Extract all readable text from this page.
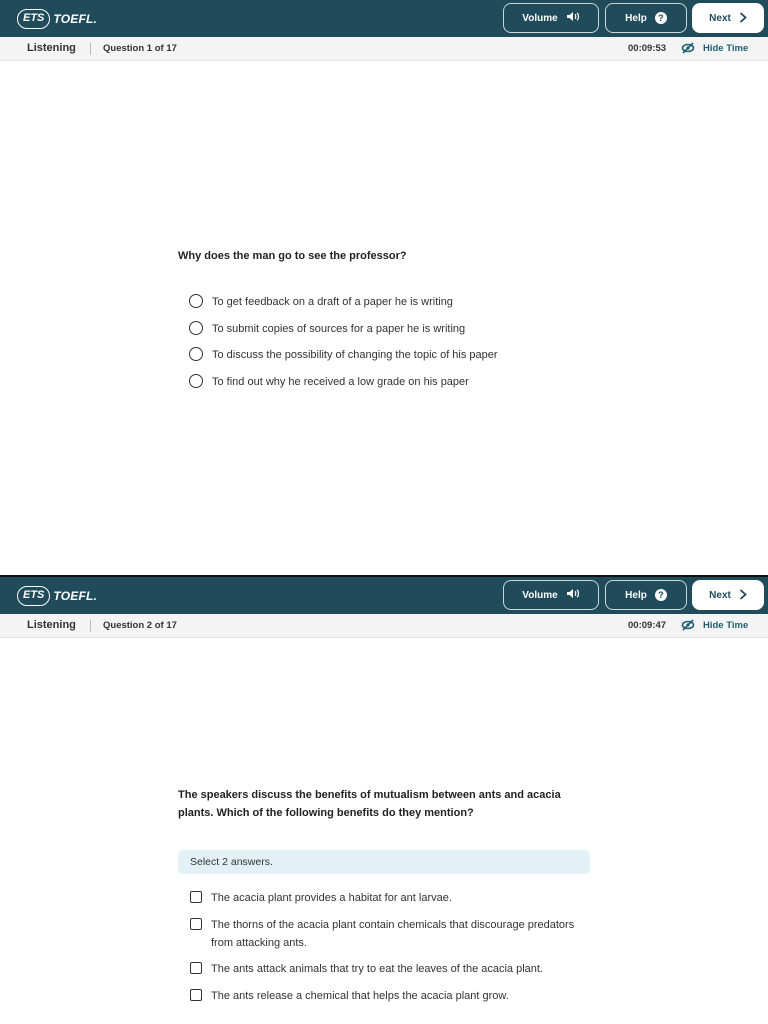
ETS TOEFL.	Volume	Help	?	Next
Listening	Question 1 of 17	00:09:53	Hide Time
Why does the man go to see the professor?
To get feedback on a draft of a paper he is writing
To submit copies of sources for a paper he is writing
To discuss the possibility of changing the topic of his paper
To find out why he received a low grade on his paper
ETS TOEFL.	Volume	Help	?	Next
Listening	Question 2 of 17	00:09:47	Hide Time
The speakers discuss the benefits of mutualism between ants and acacia plants. Which of the following benefits do they mention?
Select 2 answers.
The acacia plant provides a habitat for ant larvae.
The thorns of the acacia plant contain chemicals that discourage predators from attacking ants.
The ants attack animals that try to eat the leaves of the acacia plant.
The ants release a chemical that helps the acacia plant grow.
